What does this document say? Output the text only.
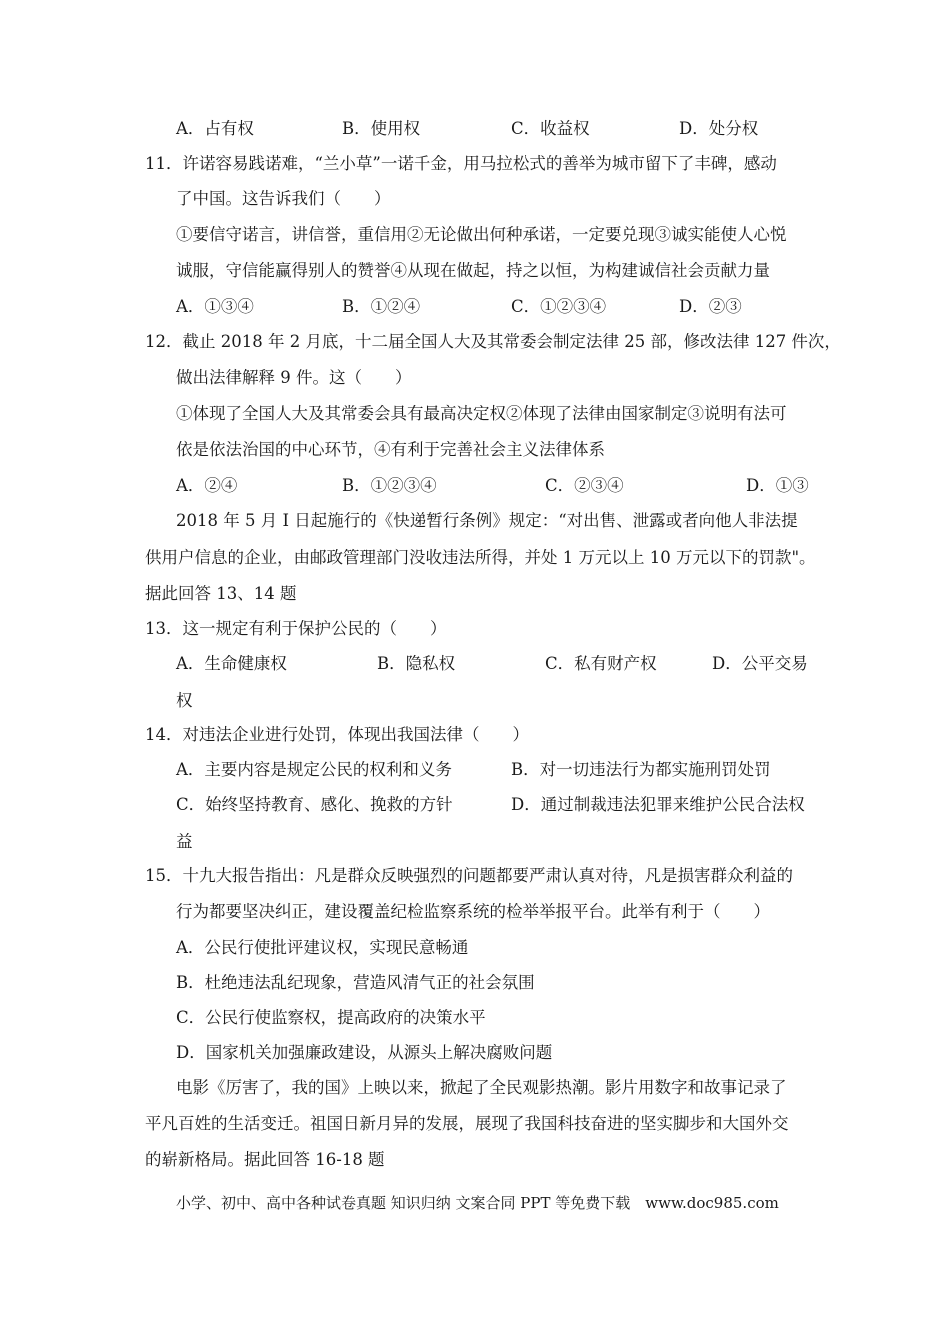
A．占有权	B．使用权	C．收益权	D．处分权
11．许诺容易践诺难，“兰小草”一诺千金，用马拉松式的善举为城市留下了丰碑，感动
了中国。这告诉我们（　　）
①要信守诺言，讲信誉，重信用②无论做出何种承诺，一定要兑现③诚实能使人心悦
诚服，守信能赢得别人的赞誉④从现在做起，持之以恒，为构建诚信社会贡献力量
A．①③④	B．①②④	C．①②③④	D．②③
12．截止 2018 年 2 月底，十二届全国人大及其常委会制定法律 25 部，修改法律 127 件次，
做出法律解释 9 件。这（　　）
①体现了全国人大及其常委会具有最高决定权②体现了法律由国家制定③说明有法可
依是依法治国的中心环节，④有利于完善社会主义法律体系
A．②④	B．①②③④	C．②③④	D．①③
2018 年 5 月 I 日起施行的《快递暂行条例》规定：“对出售、泄露或者向他人非法提
供用户信息的企业，由邮政管理部门没收违法所得，并处 1 万元以上 10 万元以下的罚款"。
据此回答 13、14 题
13．这一规定有利于保护公民的（　　）
A．生命健康权	B．隐私权	C．私有财产权	D．公平交易
权
14．对违法企业进行处罚，体现出我国法律（　　）
A．主要内容是规定公民的权利和义务	B．对一切违法行为都实施刑罚处罚
C．始终坚持教育、感化、挽救的方针	D．通过制裁违法犯罪来维护公民合法权
益
15．十九大报告指出：凡是群众反映强烈的问题都要严肃认真对待，凡是损害群众利益的
行为都要坚决纠正，建设覆盖纪检监察系统的检举举报平台。此举有利于（　　）
A．公民行使批评建议权，实现民意畅通
B．杜绝违法乱纪现象，营造风清气正的社会氛围
C．公民行使监察权，提高政府的决策水平
D．国家机关加强廉政建设，从源头上解决腐败问题
电影《厉害了，我的国》上映以来，掀起了全民观影热潮。影片用数字和故事记录了
平凡百姓的生活变迁。祖国日新月异的发展，展现了我国科技奋进的坚实脚步和大国外交
的崭新格局。据此回答 16-18 题
小学、初中、高中各种试卷真题 知识归纳 文案合同 PPT 等免费下载　www.doc985.com
